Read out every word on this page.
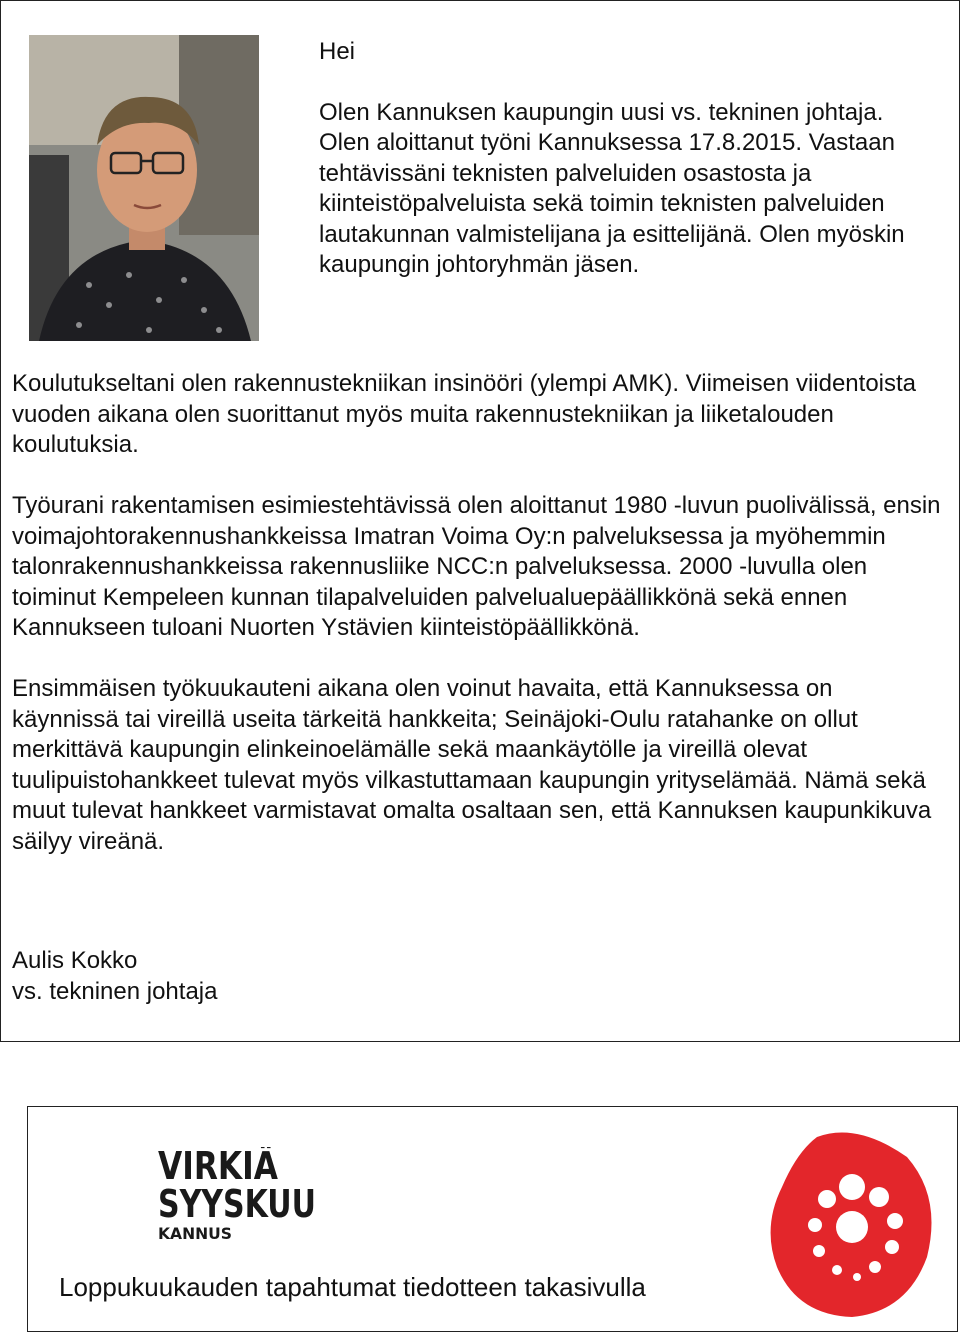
Hei

Olen Kannuksen kaupungin uusi vs. tekninen johtaja. Olen aloittanut työni Kannuksessa 17.8.2015. Vastaan tehtävissäni teknisten palveluiden osastosta ja kiinteistöpalveluista sekä toimin teknisten palveluiden lautakunnan valmistelijana ja esittelijänä. Olen myöskin kaupungin johtoryhmän jäsen.

Koulutukseltani olen rakennustekniikan insinööri (ylempi AMK). Viimeisen viidentoista vuoden aikana olen suorittanut myös muita rakennustekniikan ja liiketalouden koulutuksia.

Työurani rakentamisen esimiestehtävissä olen aloittanut 1980 -luvun puolivälissä, ensin voimajohtorakennushankkeissa Imatran Voima Oy:n palveluksessa ja myöhemmin talonrakennushankkeissa rakennusliike NCC:n palveluksessa. 2000 -luvulla olen toiminut Kempeleen kunnan tilapalveluiden palvelualuepäällikkönä sekä ennen Kannukseen tuloani Nuorten Ystävien kiinteistöpäällikkönä.

Ensimmäisen työkuukauteni aikana olen voinut havaita, että Kannuksessa on käynnissä tai vireillä useita tärkeitä hankkeita; Seinäjoki-Oulu ratahanke on ollut merkittävä kaupungin elinkeinoelämälle sekä maankäytölle ja vireillä olevat tuulipuistohankkeet tulevat myös vilkastuttamaan kaupungin yrityselämää. Nämä sekä muut tulevat hankkeet varmistavat omalta osaltaan sen, että Kannuksen kaupunkikuva säilyy vireänä.

Aulis Kokko
vs. tekninen johtaja
VIRKIÄ
SYYSKUU
KANNUS
Loppukuukauden tapahtumat tiedotteen takasivulla
